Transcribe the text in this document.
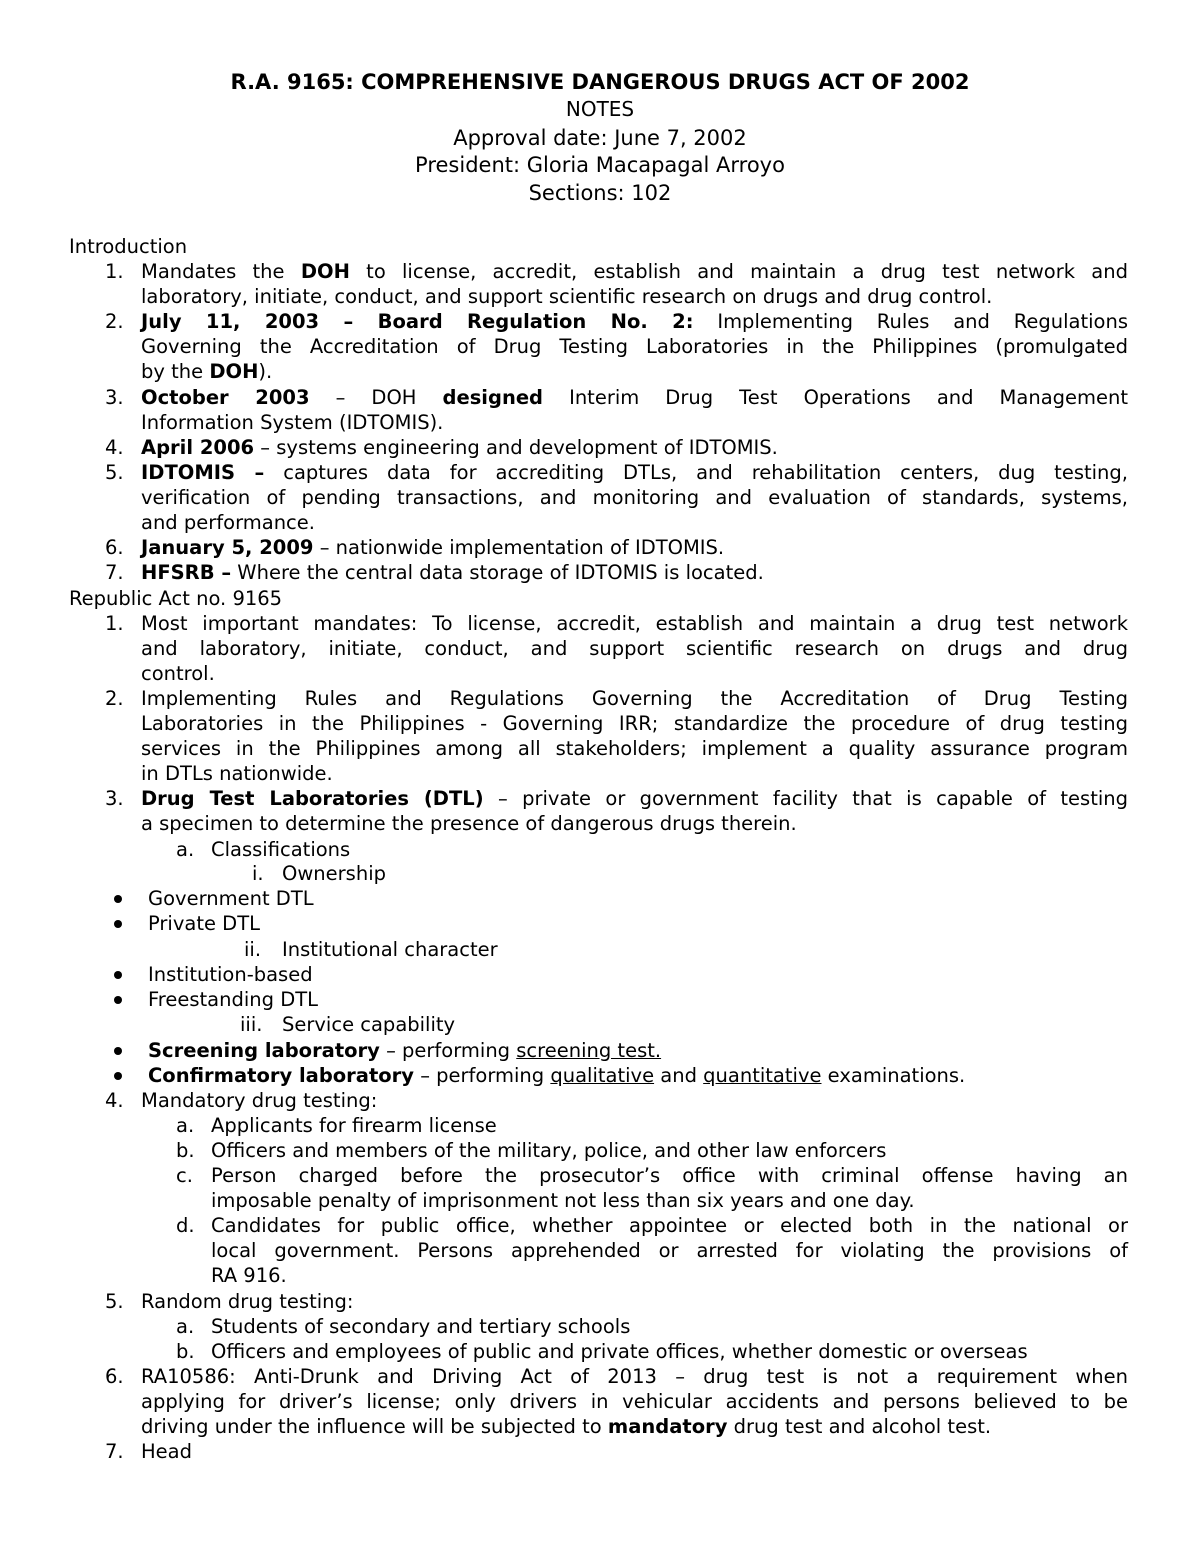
R.A. 9165: COMPREHENSIVE DANGEROUS DRUGS ACT OF 2002
NOTES
Approval date: June 7, 2002
President: Gloria Macapagal Arroyo
Sections: 102
Introduction
1. Mandates the DOH to license, accredit, establish and maintain a drug test network and
laboratory, initiate, conduct, and support scientific research on drugs and drug control.
2. July 11, 2003 – Board Regulation No. 2: Implementing Rules and Regulations
Governing the Accreditation of Drug Testing Laboratories in the Philippines (promulgated
by the DOH).
3. October 2003 – DOH designed Interim Drug Test Operations and Management
Information System (IDTOMIS).
4. April 2006 – systems engineering and development of IDTOMIS.
5. IDTOMIS – captures data for accrediting DTLs, and rehabilitation centers, dug testing,
verification of pending transactions, and monitoring and evaluation of standards, systems,
and performance.
6. January 5, 2009 – nationwide implementation of IDTOMIS.
7. HFSRB – Where the central data storage of IDTOMIS is located.
Republic Act no. 9165
1. Most important mandates: To license, accredit, establish and maintain a drug test network
and laboratory, initiate, conduct, and support scientific research on drugs and drug
control.
2. Implementing Rules and Regulations Governing the Accreditation of Drug Testing
Laboratories in the Philippines - Governing IRR; standardize the procedure of drug testing
services in the Philippines among all stakeholders; implement a quality assurance program
in DTLs nationwide.
3. Drug Test Laboratories (DTL) – private or government facility that is capable of testing
a specimen to determine the presence of dangerous drugs therein.
a. Classifications
i. Ownership
Government DTL
Private DTL
ii. Institutional character
Institution-based
Freestanding DTL
iii. Service capability
Screening laboratory – performing screening test.
Confirmatory laboratory – performing qualitative and quantitative examinations.
4. Mandatory drug testing:
a. Applicants for firearm license
b. Officers and members of the military, police, and other law enforcers
c. Person charged before the prosecutor’s office with criminal offense having an
imposable penalty of imprisonment not less than six years and one day.
d. Candidates for public office, whether appointee or elected both in the national or
local government. Persons apprehended or arrested for violating the provisions of
RA 916.
5. Random drug testing:
a. Students of secondary and tertiary schools
b. Officers and employees of public and private offices, whether domestic or overseas
6. RA10586: Anti-Drunk and Driving Act of 2013 – drug test is not a requirement when
applying for driver’s license; only drivers in vehicular accidents and persons believed to be
driving under the influence will be subjected to mandatory drug test and alcohol test.
7. Head
